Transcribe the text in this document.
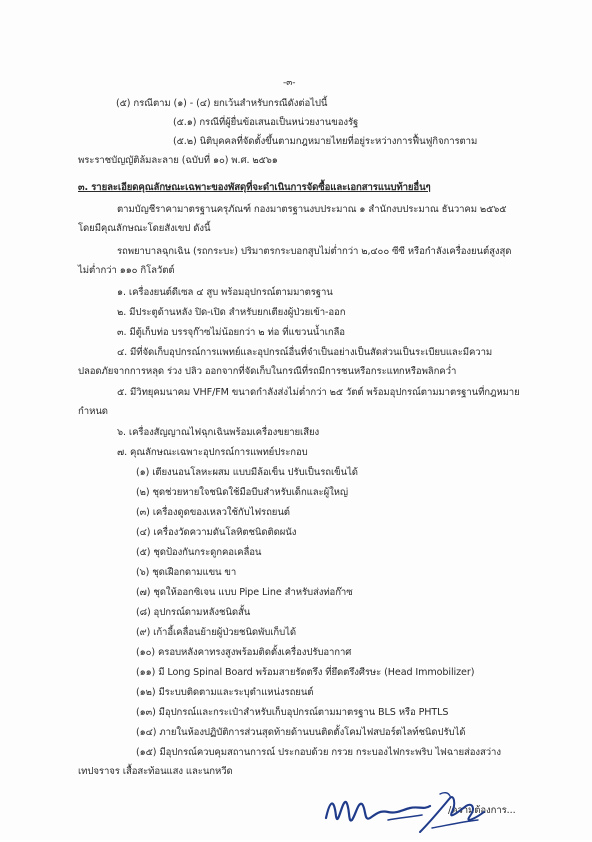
-๓-
(๕) กรณีตาม (๑) - (๔) ยกเว้นสำหรับกรณีดังต่อไปนี้
(๕.๑) กรณีที่ผู้ยื่นข้อเสนอเป็นหน่วยงานของรัฐ
(๕.๒) นิติบุคคลที่จัดตั้งขึ้นตามกฎหมายไทยที่อยู่ระหว่างการฟื้นฟูกิจการตาม
พระราชบัญญัติล้มละลาย (ฉบับที่ ๑๐) พ.ศ. ๒๕๖๑
๓. รายละเอียดคุณลักษณะเฉพาะของพัสดุที่จะดำเนินการจัดซื้อและเอกสารแนบท้ายอื่นๆ
ตามบัญชีราคามาตรฐานครุภัณฑ์ กองมาตรฐานงบประมาณ ๑ สำนักงบประมาณ ธันวาคม ๒๕๖๕
โดยมีคุณลักษณะโดยสังเขป ดังนี้
รถพยาบาลฉุกเฉิน (รถกระบะ) ปริมาตรกระบอกสูบไม่ต่ำกว่า ๒,๔๐๐ ซีซี หรือกำลังเครื่องยนต์สูงสุด
ไม่ต่ำกว่า ๑๑๐ กิโลวัตต์
๑. เครื่องยนต์ดีเซล ๔ สูบ พร้อมอุปกรณ์ตามมาตรฐาน
๒. มีประตูด้านหลัง ปิด-เปิด สำหรับยกเตียงผู้ป่วยเข้า-ออก
๓. มีตู้เก็บท่อ บรรจุก๊าซไม่น้อยกว่า ๒ ท่อ ที่แขวนน้ำเกลือ
๔. มีที่จัดเก็บอุปกรณ์การแพทย์และอุปกรณ์อื่นที่จำเป็นอย่างเป็นสัดส่วนเป็นระเบียบและมีความ
ปลอดภัยจากการหลุด ร่วง ปลิว ออกจากที่จัดเก็บในกรณีที่รถมีการชนหรือกระแทกหรือพลิกคว่ำ
๕. มีวิทยุคมนาคม VHF/FM ขนาดกำลังส่งไม่ต่ำกว่า ๒๕ วัตต์ พร้อมอุปกรณ์ตามมาตรฐานที่กฎหมาย
กำหนด
๖. เครื่องสัญญาณไฟฉุกเฉินพร้อมเครื่องขยายเสียง
๗. คุณลักษณะเฉพาะอุปกรณ์การแพทย์ประกอบ
(๑) เตียงนอนโลหะผสม แบบมีล้อเข็น ปรับเป็นรถเข็นได้
(๒) ชุดช่วยหายใจชนิดใช้มือบีบสำหรับเด็กและผู้ใหญ่
(๓) เครื่องดูดของเหลวใช้กับไฟรถยนต์
(๔) เครื่องวัดความดันโลหิตชนิดติดผนัง
(๕) ชุดป้องกันกระดูกคอเคลื่อน
(๖) ชุดเฝือกดามแขน ขา
(๗) ชุดให้ออกซิเจน แบบ Pipe Line สำหรับส่งท่อก๊าซ
(๘) อุปกรณ์ดามหลังชนิดสั้น
(๙) เก้าอี้เคลื่อนย้ายผู้ป่วยชนิดพับเก็บได้
(๑๐) ครอบหลังคาทรงสูงพร้อมติดตั้งเครื่องปรับอากาศ
(๑๑) มี Long Spinal Board พร้อมสายรัดตรึง ที่ยึดตรึงศีรษะ (Head Immobilizer)
(๑๒) มีระบบติดตามและระบุตำแหน่งรถยนต์
(๑๓) มีอุปกรณ์และกระเป๋าสำหรับเก็บอุปกรณ์ตามมาตรฐาน BLS หรือ PHTLS
(๑๔) ภายในห้องปฏิบัติการส่วนสุดท้ายด้านบนติดตั้งโคมไฟสปอร์ตไลท์ชนิดปรับได้
(๑๕) มีอุปกรณ์ควบคุมสถานการณ์ ประกอบด้วย กรวย กระบองไฟกระพริบ ไฟฉายส่องสว่าง
เทปจราจร เสื้อสะท้อนแสง และนกหวีด
/ความต้องการ...
